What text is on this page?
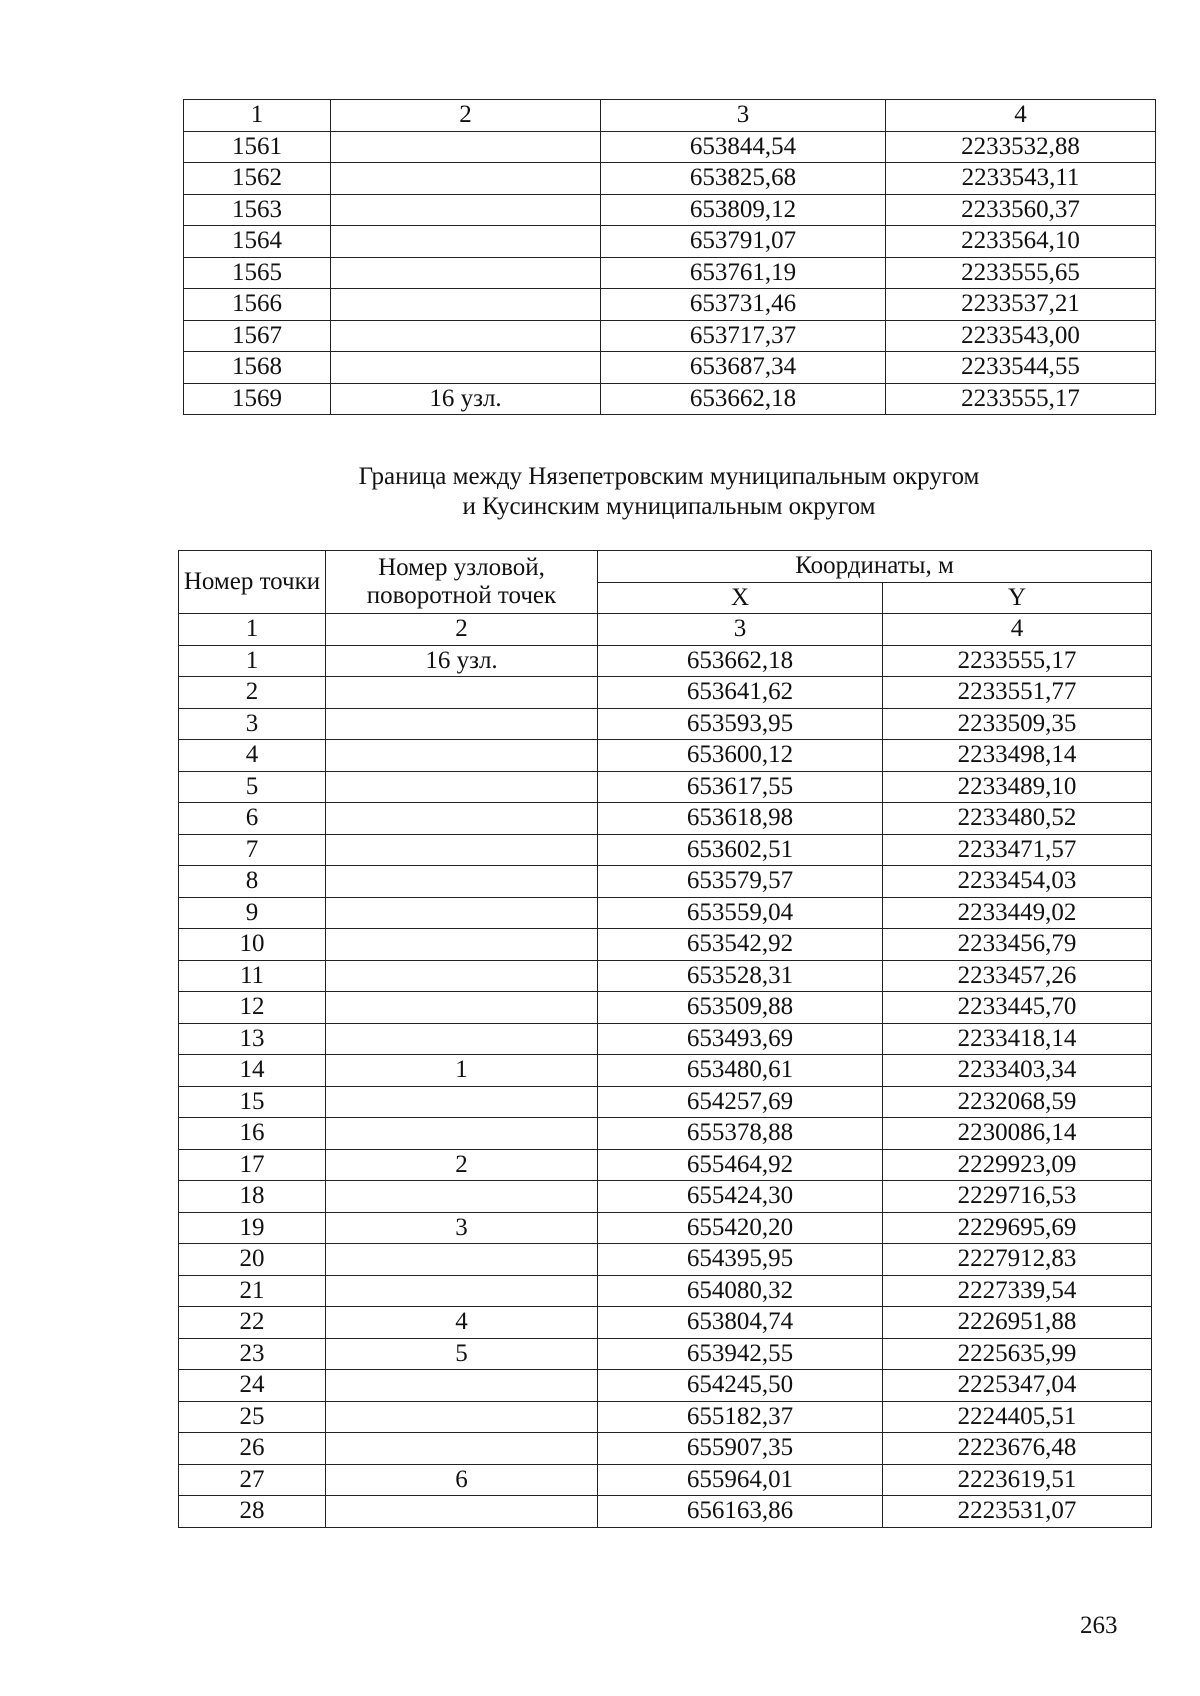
1	2	3	4
1561		653844,54	2233532,88
1562		653825,68	2233543,11
1563		653809,12	2233560,37
1564		653791,07	2233564,10
1565		653761,19	2233555,65
1566		653731,46	2233537,21
1567		653717,37	2233543,00
1568		653687,34	2233544,55
1569	16 узл.	653662,18	2233555,17
Граница между Нязепетровским муниципальным округом
и Кусинским муниципальным округом
Номер точки	Номер узловой, поворотной точек	Координаты, м	
		X	Y
1	2	3	4
1	16 узл.	653662,18	2233555,17
2		653641,62	2233551,77
3		653593,95	2233509,35
4		653600,12	2233498,14
5		653617,55	2233489,10
6		653618,98	2233480,52
7		653602,51	2233471,57
8		653579,57	2233454,03
9		653559,04	2233449,02
10		653542,92	2233456,79
11		653528,31	2233457,26
12		653509,88	2233445,70
13		653493,69	2233418,14
14	1	653480,61	2233403,34
15		654257,69	2232068,59
16		655378,88	2230086,14
17	2	655464,92	2229923,09
18		655424,30	2229716,53
19	3	655420,20	2229695,69
20		654395,95	2227912,83
21		654080,32	2227339,54
22	4	653804,74	2226951,88
23	5	653942,55	2225635,99
24		654245,50	2225347,04
25		655182,37	2224405,51
26		655907,35	2223676,48
27	6	655964,01	2223619,51
28		656163,86	2223531,07
263
